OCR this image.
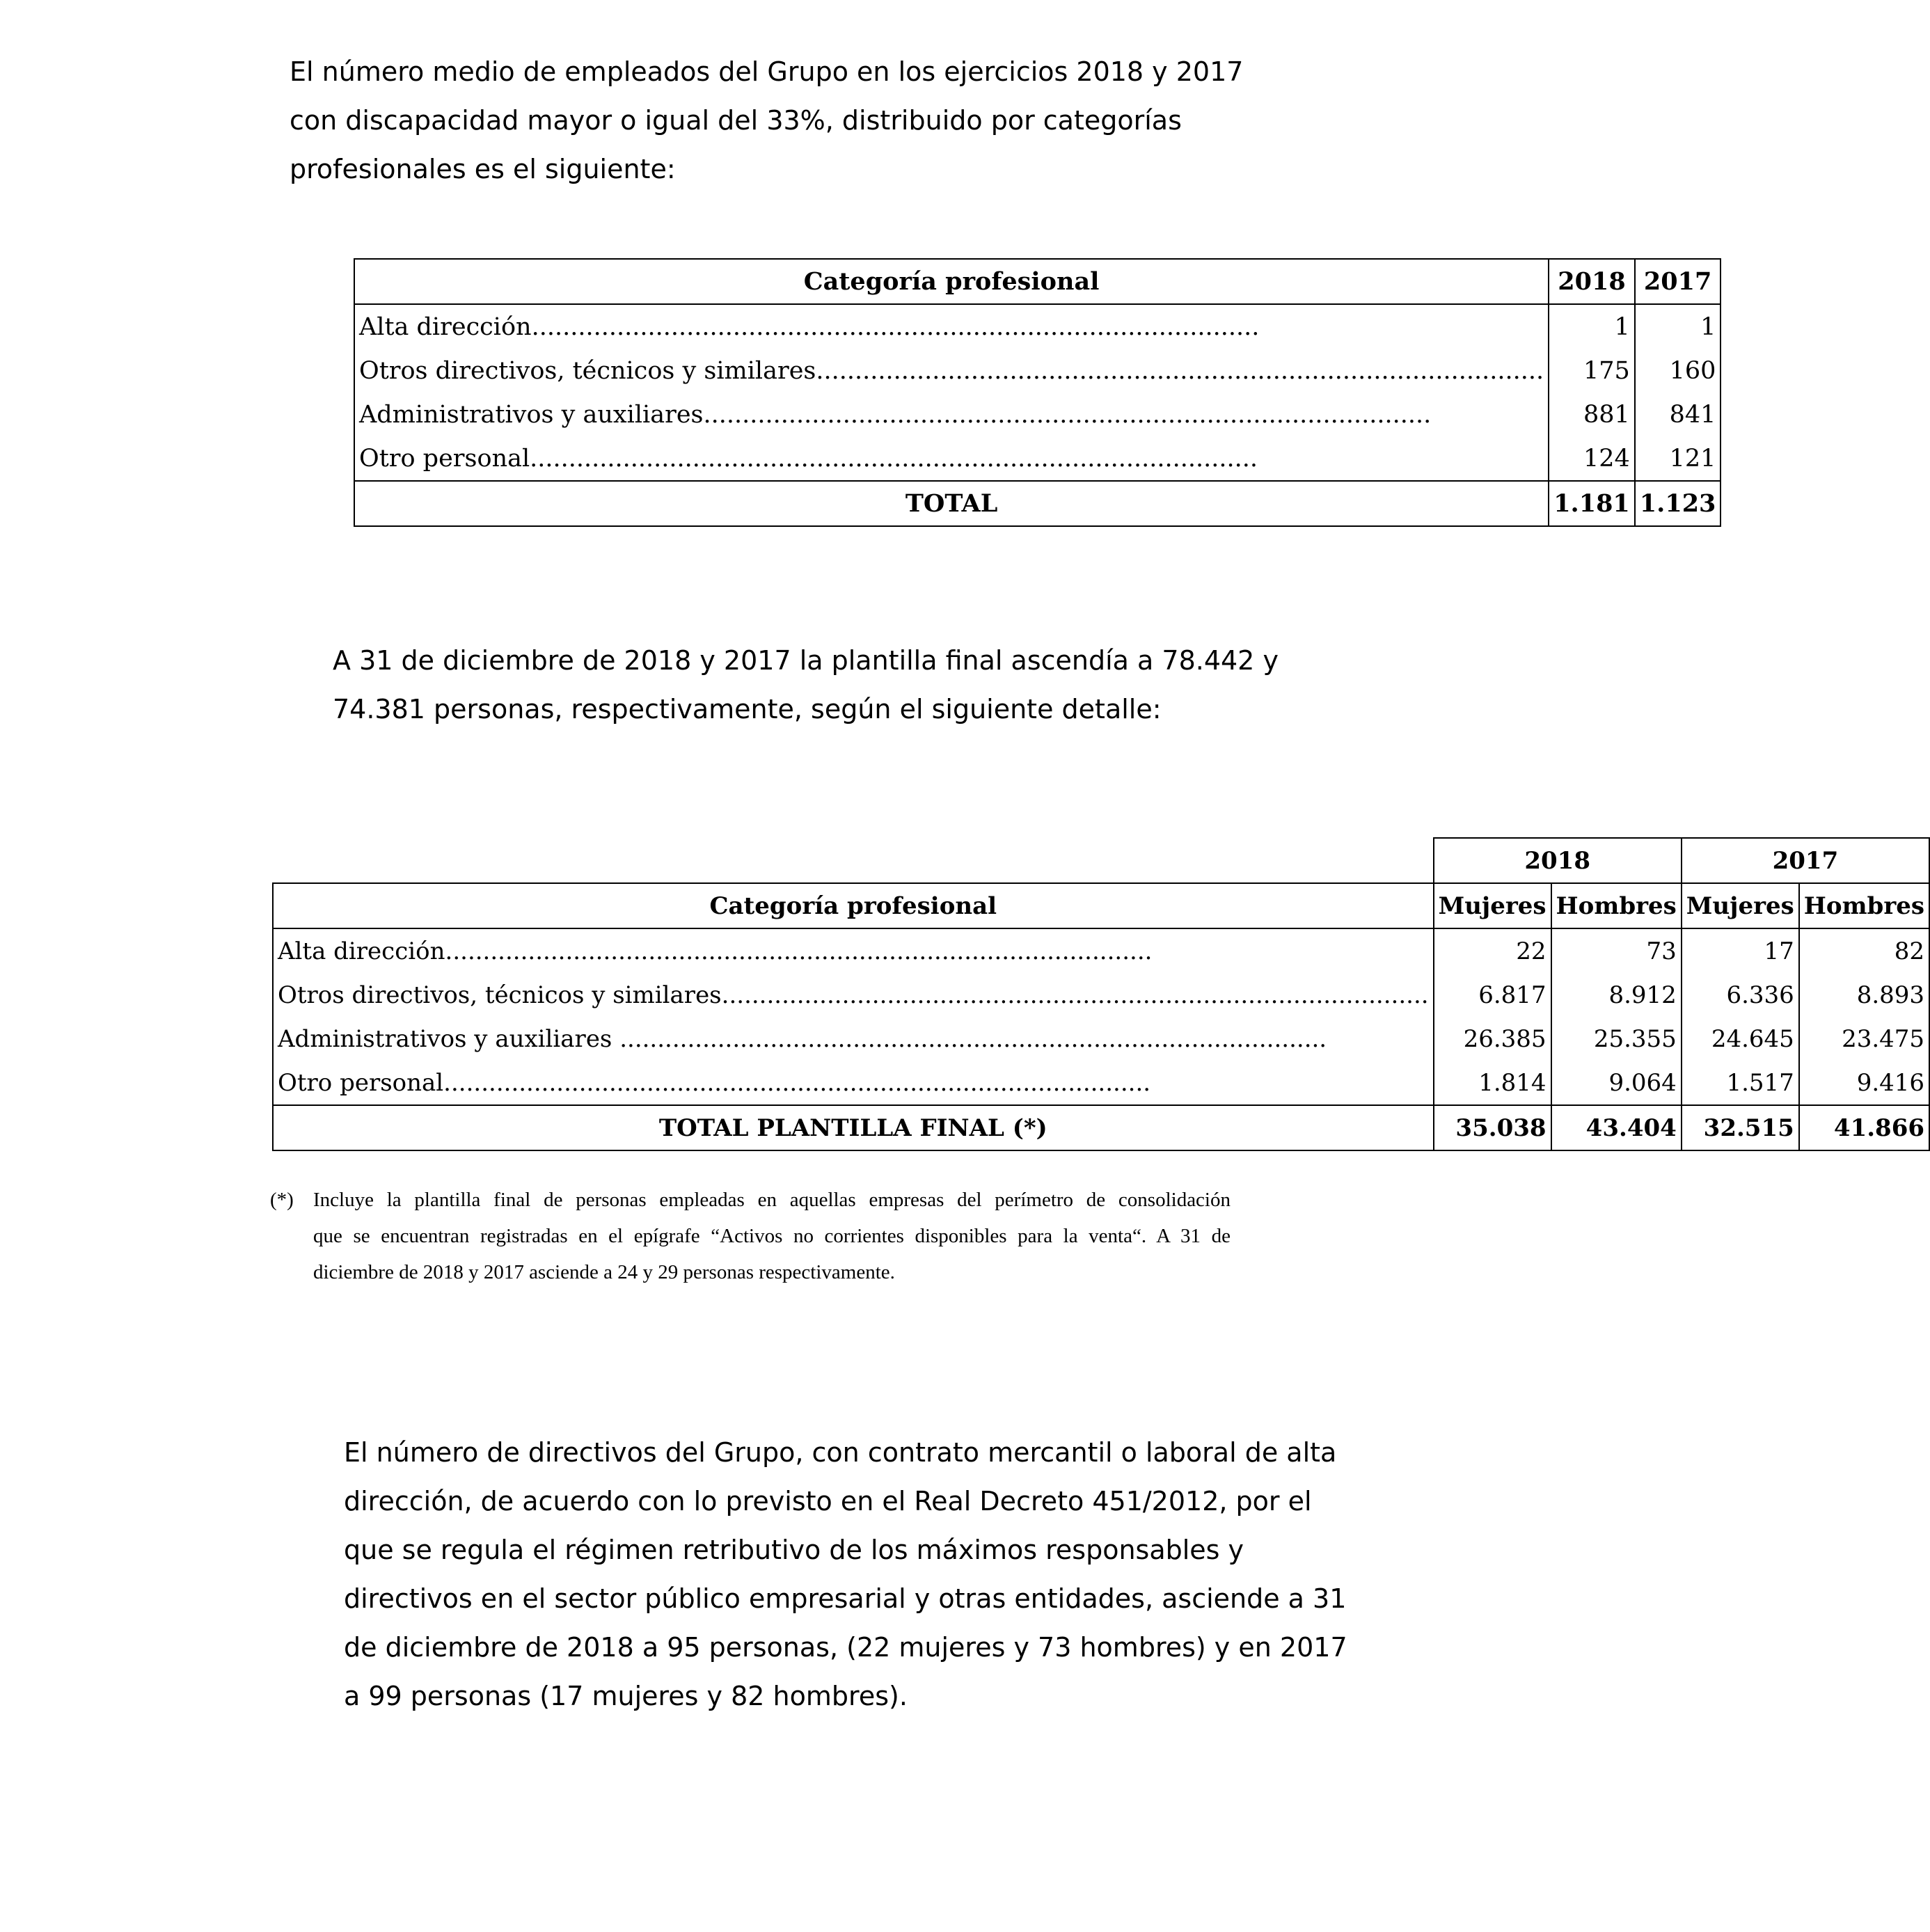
El número medio de empleados del Grupo en los ejercicios 2018 y 2017
con discapacidad mayor o igual del 33%, distribuido por categorías
profesionales es el siguiente:
Categoría profesional	2018	2017

Alta dirección ..............................................................................................	1	1

Otros directivos, técnicos y similares ..............................................................................................	175	160

Administrativos y auxiliares ..............................................................................................	881	841

Otro personal ..............................................................................................	124	121
TOTAL	1.181	1.123
A 31 de diciembre de 2018 y 2017 la plantilla final ascendía a 78.442 y
74.381 personas, respectivamente, según el siguiente detalle:
	2018		2017	
Categoría profesional	Mujeres	Hombres	Mujeres	Hombres

Alta dirección ..............................................................................................	22	73	17	82

Otros directivos, técnicos y similares ..............................................................................................	6.817	8.912	6.336	8.893

Administrativos y auxiliares ..............................................................................................	26.385	25.355	24.645	23.475

Otro personal ..............................................................................................	1.814	9.064	1.517	9.416
TOTAL PLANTILLA FINAL (*)	35.038	43.404	32.515	41.866
(*) Incluye la plantilla final de personas empleadas en aquellas empresas del perímetro de consolidación
que se encuentran registradas en el epígrafe “Activos no corrientes disponibles para la venta“. A 31 de
diciembre de 2018 y 2017 asciende a 24 y 29 personas respectivamente.
El número de directivos del Grupo, con contrato mercantil o laboral de alta
dirección, de acuerdo con lo previsto en el Real Decreto 451/2012, por el
que se regula el régimen retributivo de los máximos responsables y
directivos en el sector público empresarial y otras entidades, asciende a 31
de diciembre de 2018 a 95 personas, (22 mujeres y 73 hombres) y en 2017
a 99 personas (17 mujeres y 82 hombres).
